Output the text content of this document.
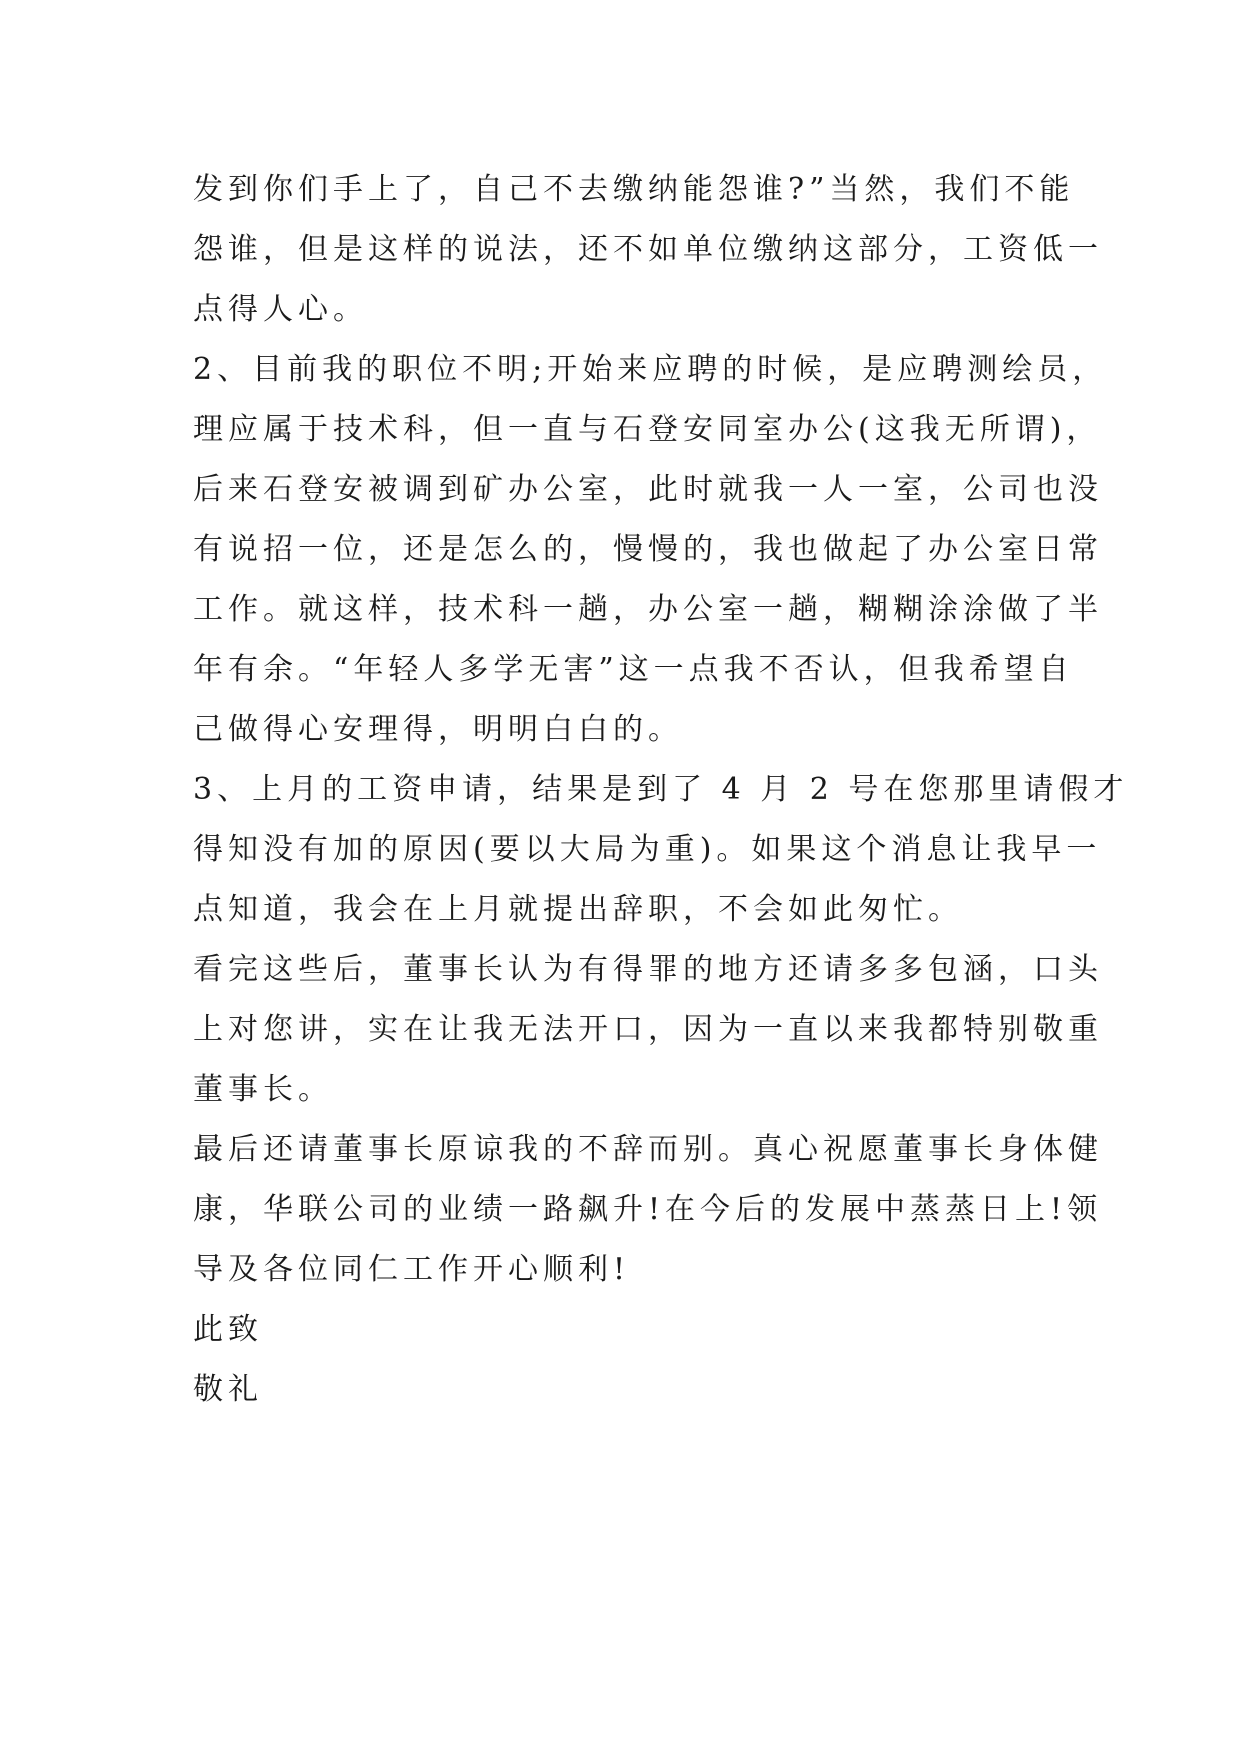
发到你们手上了，自己不去缴纳能怨谁?”当然，我们不能
怨谁，但是这样的说法，还不如单位缴纳这部分，工资低一
点得人心。
2、目前我的职位不明;开始来应聘的时候，是应聘测绘员，
理应属于技术科，但一直与石登安同室办公(这我无所谓)，
后来石登安被调到矿办公室，此时就我一人一室，公司也没
有说招一位，还是怎么的，慢慢的，我也做起了办公室日常
工作。就这样，技术科一趟，办公室一趟，糊糊涂涂做了半
年有余。“年轻人多学无害”这一点我不否认，但我希望自
己做得心安理得，明明白白的。
3、上月的工资申请，结果是到了 4 月 2 号在您那里请假才
得知没有加的原因(要以大局为重)。如果这个消息让我早一
点知道，我会在上月就提出辞职，不会如此匆忙。
看完这些后，董事长认为有得罪的地方还请多多包涵，口头
上对您讲，实在让我无法开口，因为一直以来我都特别敬重
董事长。
最后还请董事长原谅我的不辞而别。真心祝愿董事长身体健
康，华联公司的业绩一路飙升!在今后的发展中蒸蒸日上!领
导及各位同仁工作开心顺利!
此致
敬礼
